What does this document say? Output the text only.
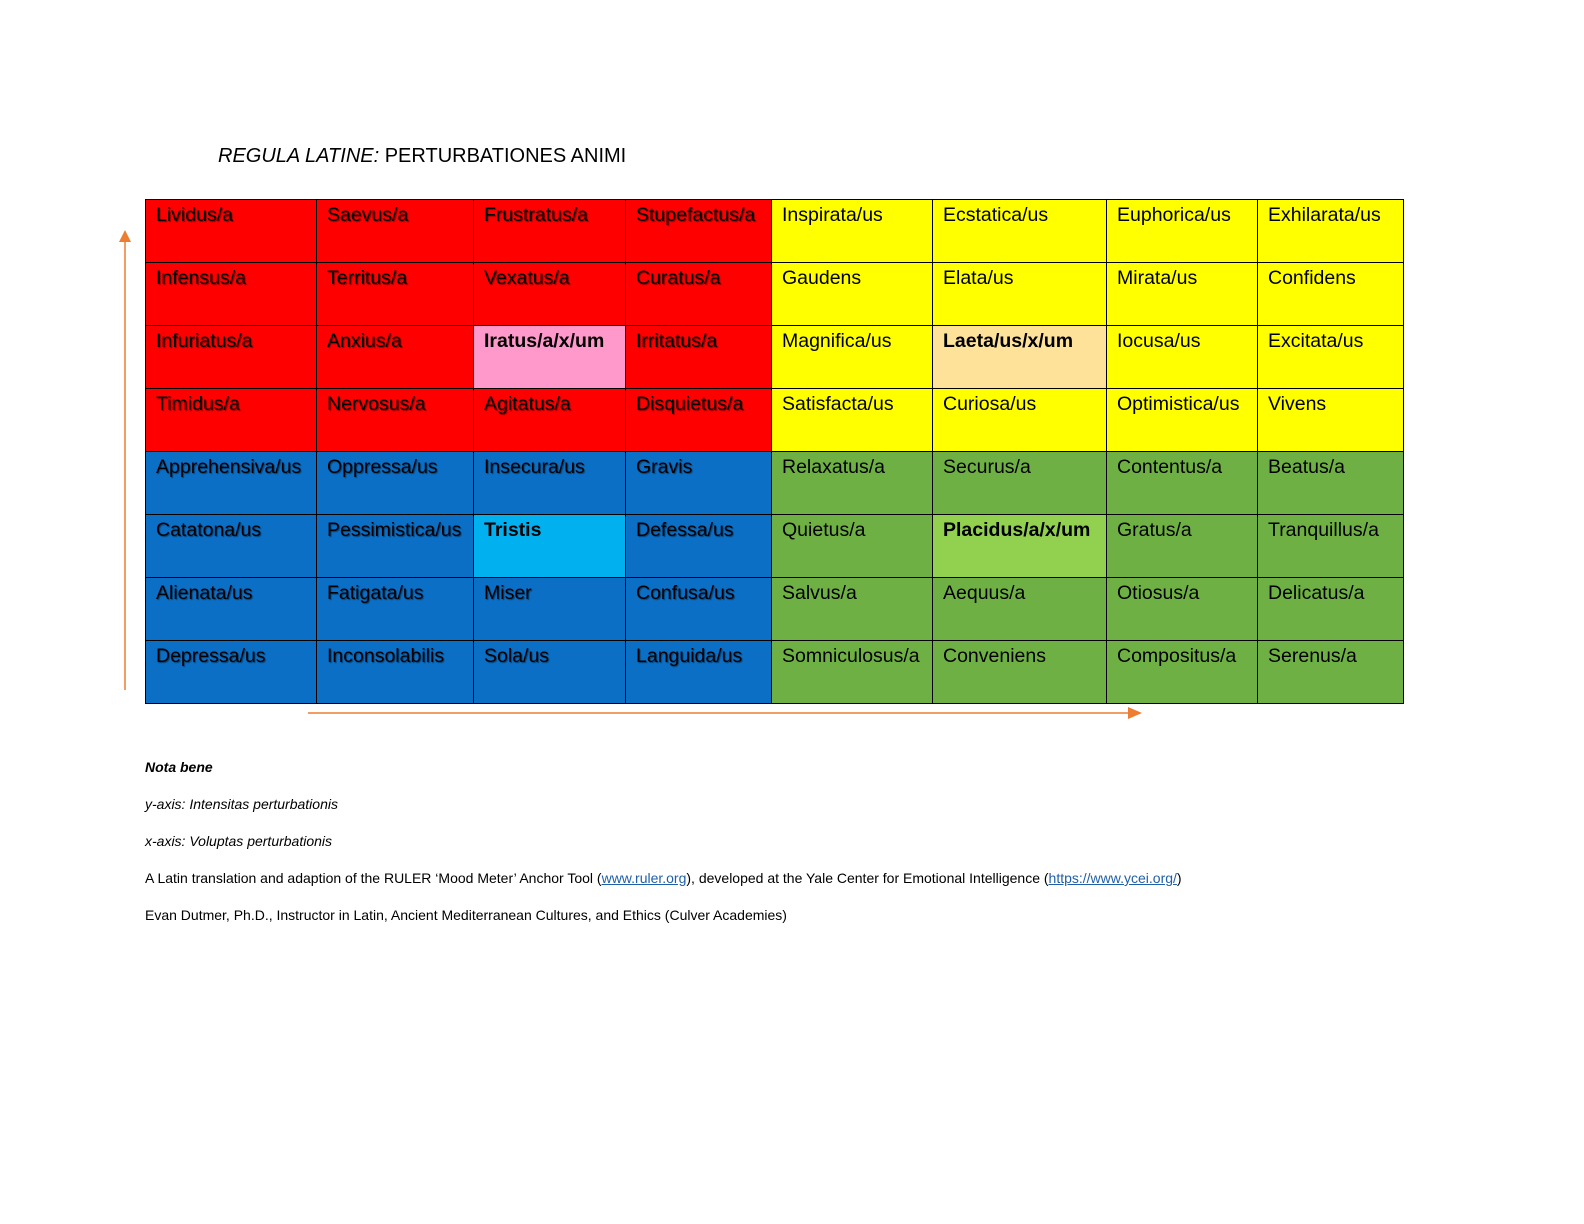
REGULA LATINE: PERTURBATIONES ANIMI
Lividus/a	Saevus/a	Frustratus/a	Stupefactus/a	Inspirata/us	Ecstatica/us	Euphorica/us	Exhilarata/us
Infensus/a	Territus/a	Vexatus/a	Curatus/a	Gaudens	Elata/us	Mirata/us	Confidens
Infuriatus/a	Anxius/a	Iratus/a/x/um	Irritatus/a	Magnifica/us	Laeta/us/x/um	Iocusa/us	Excitata/us
Timidus/a	Nervosus/a	Agitatus/a	Disquietus/a	Satisfacta/us	Curiosa/us	Optimistica/us	Vivens
Apprehensiva/us	Oppressa/us	Insecura/us	Gravis	Relaxatus/a	Securus/a	Contentus/a	Beatus/a
Catatona/us	Pessimistica/us	Tristis	Defessa/us	Quietus/a	Placidus/a/x/um	Gratus/a	Tranquillus/a
Alienata/us	Fatigata/us	Miser	Confusa/us	Salvus/a	Aequus/a	Otiosus/a	Delicatus/a
Depressa/us	Inconsolabilis	Sola/us	Languida/us	Somniculosus/a	Conveniens	Compositus/a	Serenus/a

Nota bene

y-axis: Intensitas perturbationis

x-axis: Voluptas perturbationis

A Latin translation and adaption of the RULER ‘Mood Meter’ Anchor Tool (www.ruler.org), developed at the Yale Center for Emotional Intelligence (https://www.ycei.org/)

Evan Dutmer, Ph.D., Instructor in Latin, Ancient Mediterranean Cultures, and Ethics (Culver Academies)
